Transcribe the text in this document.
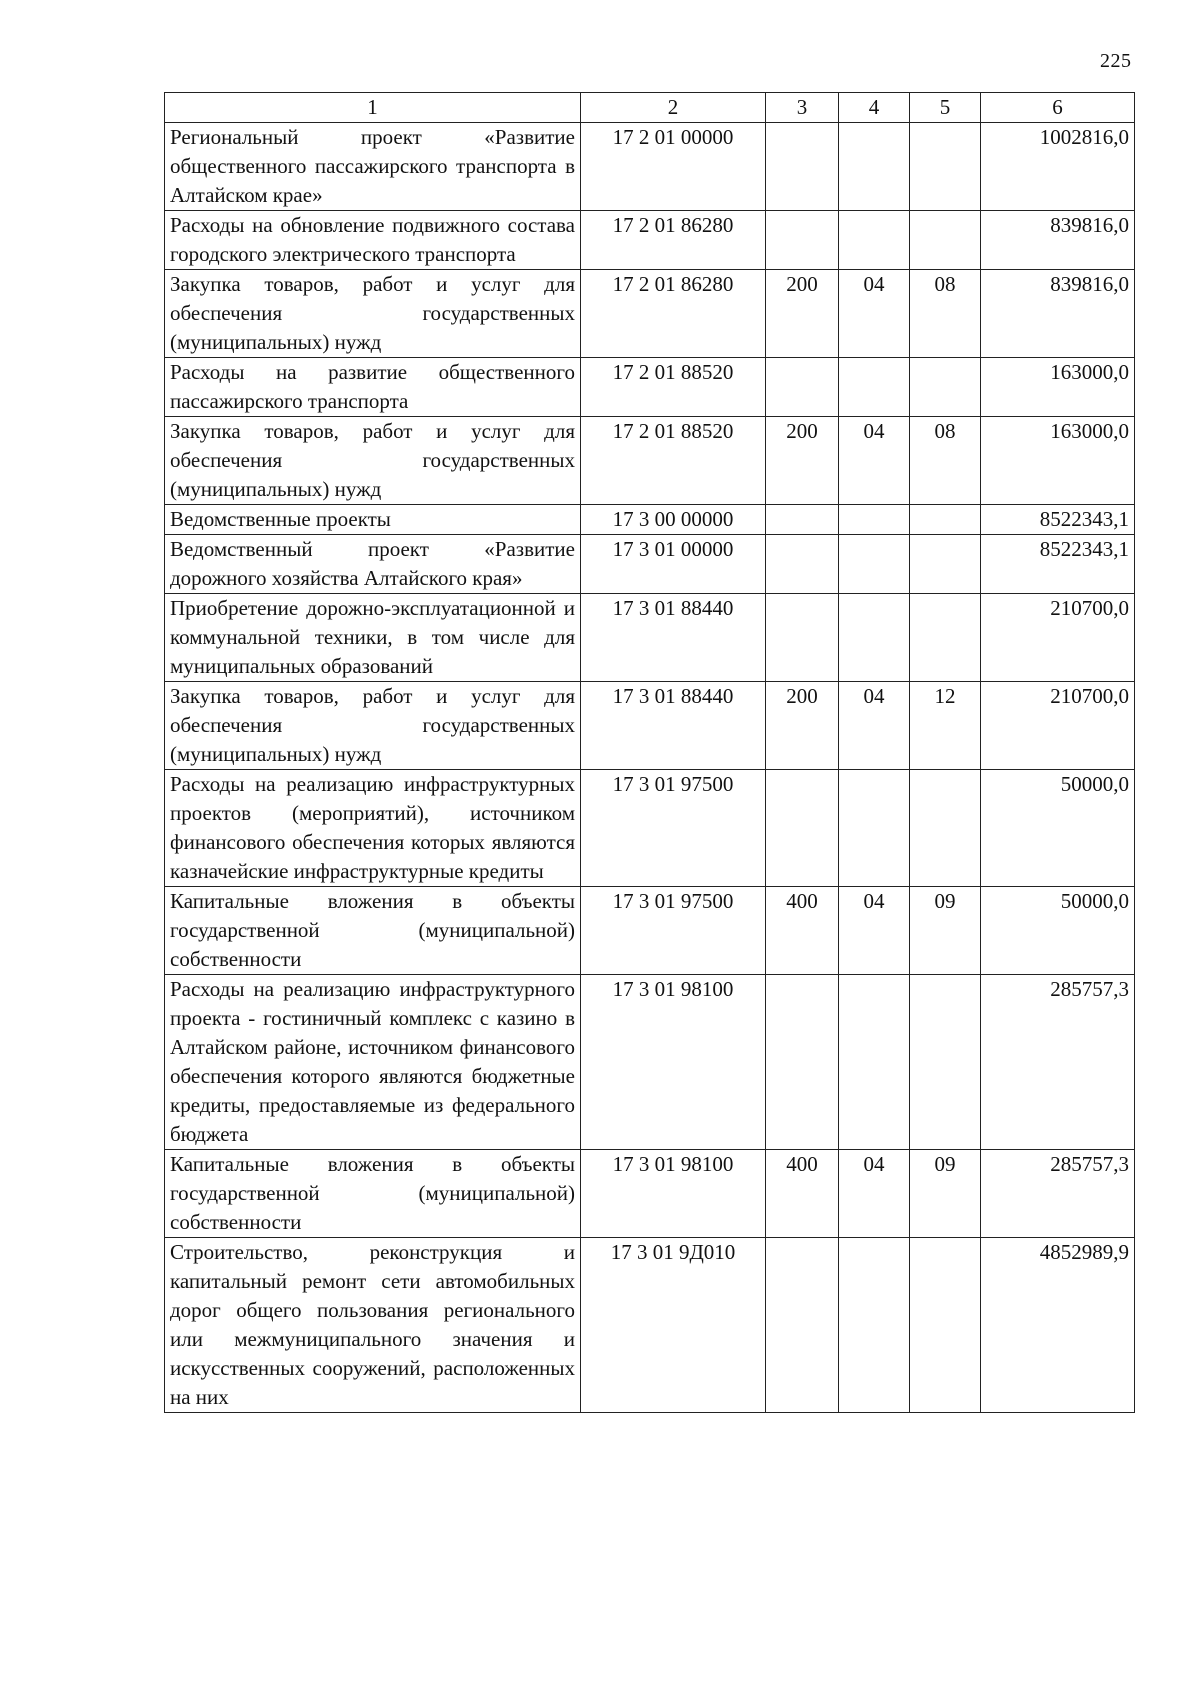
225
1	2	3	4	5	6
Региональный проект «Развитие общественного пассажирского транспорта в Алтайском крае»	17 2 01 00000				1002816,0
Расходы на обновление подвижного состава городского электрического транспорта	17 2 01 86280				839816,0
Закупка товаров, работ и услуг для обеспечения государственных (муниципальных) нужд	17 2 01 86280	200	04	08	839816,0
Расходы на развитие общественного пассажирского транспорта	17 2 01 88520				163000,0
Закупка товаров, работ и услуг для обеспечения государственных (муниципальных) нужд	17 2 01 88520	200	04	08	163000,0
Ведомственные проекты	17 3 00 00000				8522343,1
Ведомственный проект «Развитие дорожного хозяйства Алтайского края»	17 3 01 00000				8522343,1
Приобретение дорожно-эксплуатационной и коммунальной техники, в том числе для муниципальных образований	17 3 01 88440				210700,0
Закупка товаров, работ и услуг для обеспечения государственных (муниципальных) нужд	17 3 01 88440	200	04	12	210700,0
Расходы на реализацию инфраструктурных проектов (мероприятий), источником финансового обеспечения которых являются казначейские инфраструктурные кредиты	17 3 01 97500				50000,0
Капитальные вложения в объекты государственной (муниципальной) собственности	17 3 01 97500	400	04	09	50000,0
Расходы на реализацию инфраструктурного проекта - гостиничный комплекс с казино в Алтайском районе, источником финансового обеспечения которого являются бюджетные кредиты, предоставляемые из федерального бюджета	17 3 01 98100				285757,3
Капитальные вложения в объекты государственной (муниципальной) собственности	17 3 01 98100	400	04	09	285757,3
Строительство, реконструкция и капитальный ремонт сети автомобильных дорог общего пользования регионального или межмуниципального значения и искусственных сооружений, расположенных на них	17 3 01 9Д010				4852989,9
